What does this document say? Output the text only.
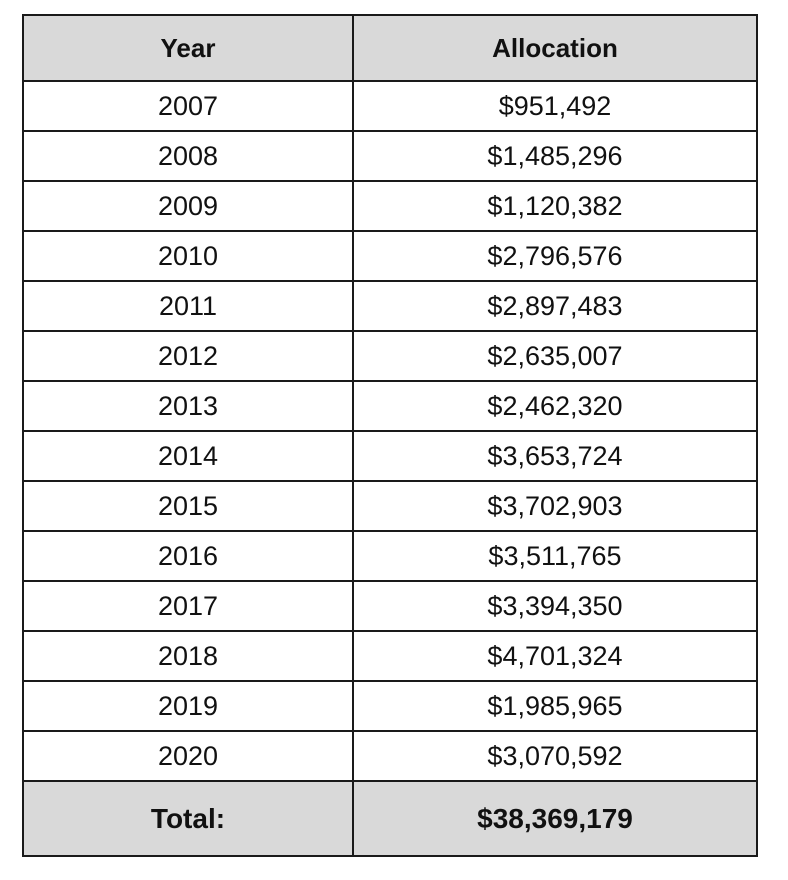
Year	Allocation
2007	$951,492
2008	$1,485,296
2009	$1,120,382
2010	$2,796,576
2011	$2,897,483
2012	$2,635,007
2013	$2,462,320
2014	$3,653,724
2015	$3,702,903
2016	$3,511,765
2017	$3,394,350
2018	$4,701,324
2019	$1,985,965
2020	$3,070,592
Total:	$38,369,179
